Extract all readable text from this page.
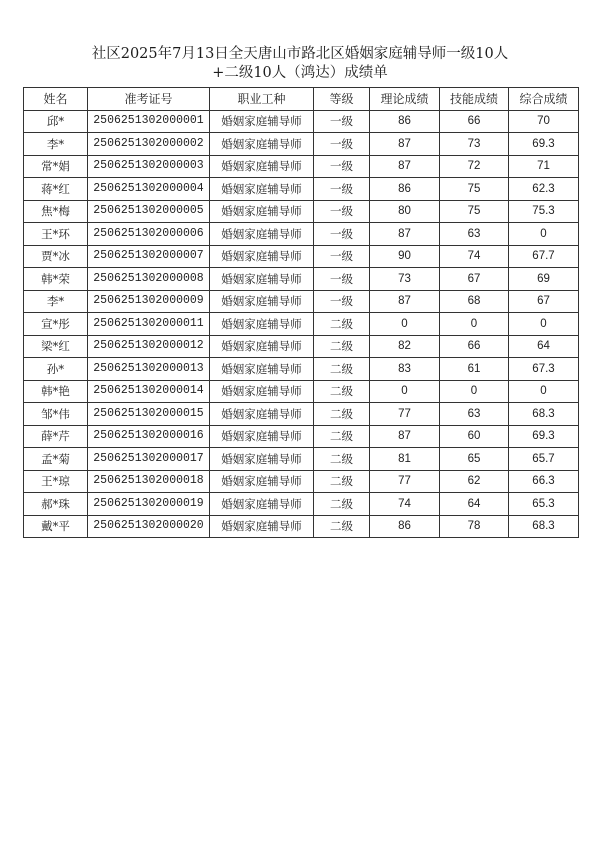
社区2025年7月13日全天唐山市路北区婚姻家庭辅导师一级10人
+二级10人（鸿达）成绩单
姓名	准考证号	职业工种	等级	理论成绩	技能成绩	综合成绩
邱*	2506251302000001	婚姻家庭辅导师	一级	86	66	70
李*	2506251302000002	婚姻家庭辅导师	一级	87	73	69.3
常*娟	2506251302000003	婚姻家庭辅导师	一级	87	72	71
蒋*红	2506251302000004	婚姻家庭辅导师	一级	86	75	62.3
焦*梅	2506251302000005	婚姻家庭辅导师	一级	80	75	75.3
王*环	2506251302000006	婚姻家庭辅导师	一级	87	63	0
贾*冰	2506251302000007	婚姻家庭辅导师	一级	90	74	67.7
韩*荣	2506251302000008	婚姻家庭辅导师	一级	73	67	69
李*	2506251302000009	婚姻家庭辅导师	一级	87	68	67
宣*彤	2506251302000011	婚姻家庭辅导师	二级	0	0	0
梁*红	2506251302000012	婚姻家庭辅导师	二级	82	66	64
孙*	2506251302000013	婚姻家庭辅导师	二级	83	61	67.3
韩*艳	2506251302000014	婚姻家庭辅导师	二级	0	0	0
邹*伟	2506251302000015	婚姻家庭辅导师	二级	77	63	68.3
薛*芹	2506251302000016	婚姻家庭辅导师	二级	87	60	69.3
孟*菊	2506251302000017	婚姻家庭辅导师	二级	81	65	65.7
王*琼	2506251302000018	婚姻家庭辅导师	二级	77	62	66.3
郝*珠	2506251302000019	婚姻家庭辅导师	二级	74	64	65.3
戴*平	2506251302000020	婚姻家庭辅导师	二级	86	78	68.3
